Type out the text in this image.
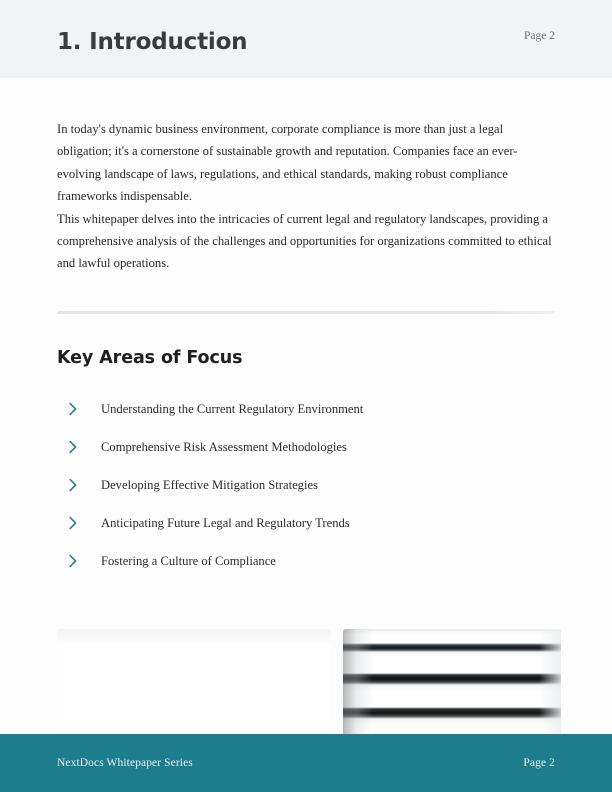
1. Introduction	Page 2

In today's dynamic business environment, corporate compliance is more than just a legal obligation; it's a cornerstone of sustainable growth and reputation. Companies face an ever-evolving landscape of laws, regulations, and ethical standards, making robust compliance frameworks indispensable.

This whitepaper delves into the intricacies of current legal and regulatory landscapes, providing a comprehensive analysis of the challenges and opportunities for organizations committed to ethical and lawful operations.

Key Areas of Focus
Understanding the Current Regulatory Environment
Comprehensive Risk Assessment Methodologies
Developing Effective Mitigation Strategies
Anticipating Future Legal and Regulatory Trends
Fostering a Culture of Compliance
NextDocs Whitepaper Series	Page 2
